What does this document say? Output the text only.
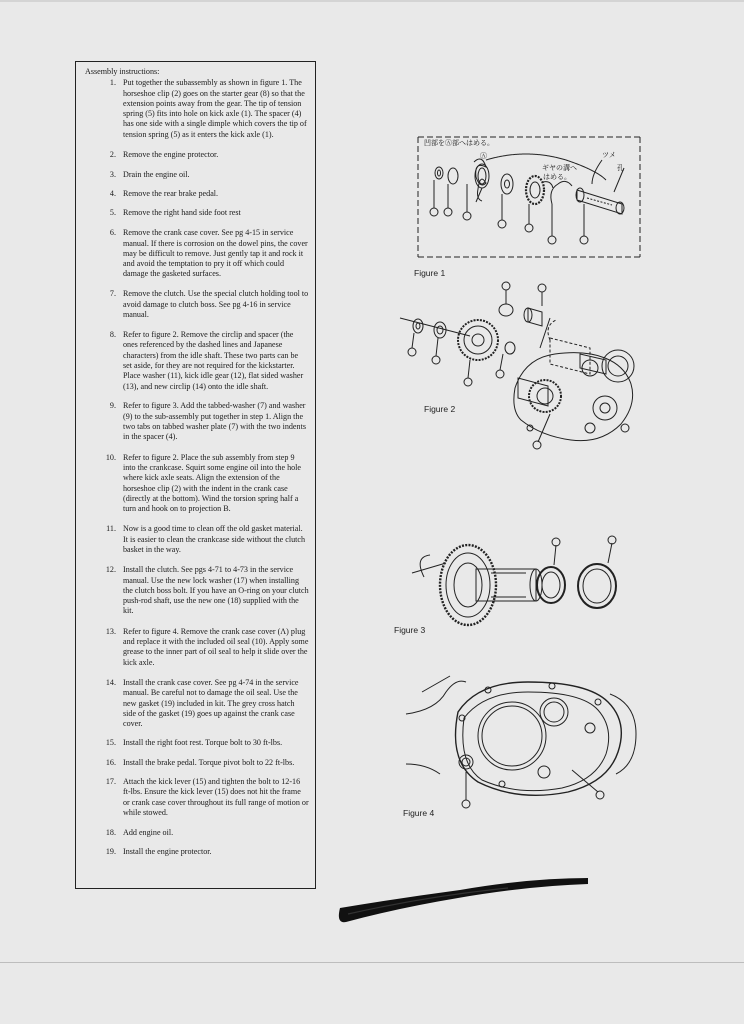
Assembly instructions:
1. Put together the subassembly as shown in figure 1. The horseshoe clip (2) goes on the starter gear (8) so that the extension points away from the gear. The tip of tension spring (5) fits into hole on kick axle (1). The spacer (4) has one side with a single dimple which covers the tip of tension spring (5) as it enters the kick axle (1).
2. Remove the engine protector.
3. Drain the engine oil.
4. Remove the rear brake pedal.
5. Remove the right hand side foot rest
6. Remove the crank case cover. See pg 4-15 in service manual. If there is corrosion on the dowel pins, the cover may be difficult to remove. Just gently tap it and rock it and avoid the temptation to pry it off which could damage the gasketed surfaces.
7. Remove the clutch. Use the special clutch holding tool to avoid damage to clutch boss. See pg 4-16 in service manual.
8. Refer to figure 2. Remove the circlip and spacer (the ones referenced by the dashed lines and Japanese characters) from the idle shaft. These two parts can be set aside, for they are not required for the kickstarter. Place washer (11), kick idle gear (12), flat sided washer (13), and new circlip (14) onto the idle shaft.
9. Refer to figure 3. Add the tabbed-washer (7) and washer (9) to the sub-assembly put together in step 1. Align the two tabs on tabbed washer plate (7) with the two indents in the spacer (4).
10. Refer to figure 2. Place the sub assembly from step 9 into the crankcase. Squirt some engine oil into the hole where kick axle seats. Align the extension of the horseshoe clip (2) with the indent in the crank case (directly at the bottom). Wind the torsion spring half a turn and hook on to projection B.
11. Now is a good time to clean off the old gasket material. It is easier to clean the crankcase side without the clutch basket in the way.
12. Install the clutch. See pgs 4-71 to 4-73 in the service manual. Use the new lock washer (17) when installing the clutch boss bolt. If you have an O-ring on your clutch push-rod shaft, use the new one (18) supplied with the kit.
13. Refer to figure 4. Remove the crank case cover (Λ) plug and replace it with the included oil seal (10). Apply some grease to the inner part of oil seal to help it slide over the kick axle.
14. Install the crank case cover. See pg 4-74 in the service manual. Be careful not to damage the oil seal. Use the new gasket (19) included in kit. The grey cross hatch side of the gasket (19) goes up against the crank case cover.
15. Install the right foot rest. Torque bolt to 30 ft-lbs.
16. Install the brake pedal. Torque pivot bolt to 22 ft-lbs.
17. Attach the kick lever (15) and tighten the bolt to 12-16 ft-lbs. Ensure the kick lever (15) does not hit the frame or crank case cover throughout its full range of motion or while stowed.
18. Add engine oil.
19. Install the engine protector.
凹部をⒶ部へはめる。
Ⓐ
ギヤの溝へ
はめる。
ツメ
孔
Figure 1
Figure 2
Figure 3
Figure 4
